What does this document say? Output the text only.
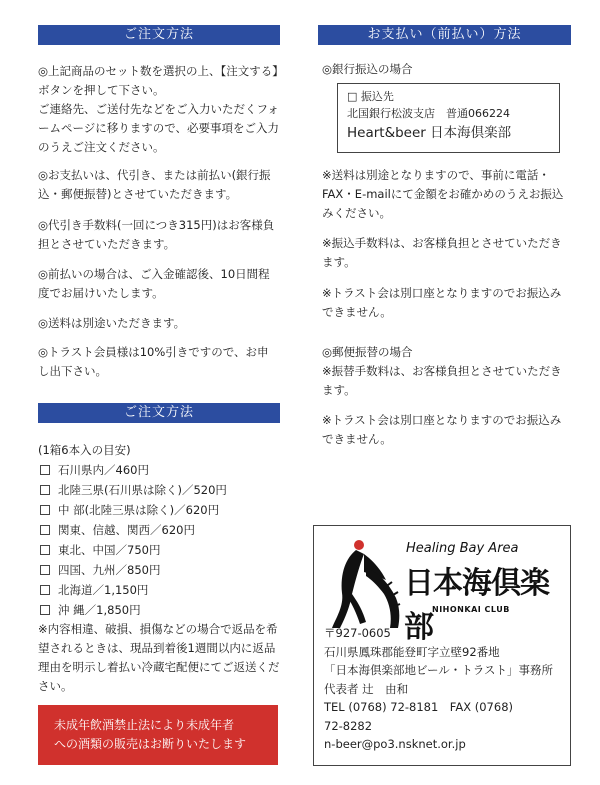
ご注文方法
◎上記商品のセット数を選択の上、【注文する】ボタンを押して下さい。
ご連絡先、ご送付先などをご入力いただくフォームページに移りますので、必要事項をご入力のうえご注文ください。
◎お支払いは、代引き、または前払い(銀行振込・郵便振替)とさせていただきます。
◎代引き手数料(一回につき315円)はお客様負担とさせていただきます。
◎前払いの場合は、ご入金確認後、10日間程度でお届けいたします。
◎送料は別途いただきます。
◎トラスト会員様は10%引きですので、お申し出下さい。
ご注文方法
(1箱6本入の目安)
石川県内／460円
北陸三県(石川県は除く)／520円
中 部(北陸三県は除く)／620円
関東、信越、関西／620円
東北、中国／750円
四国、九州／850円
北海道／1,150円
沖 縄／1,850円
※内容相違、破損、損傷などの場合で返品を希望されるときは、現品到着後1週間以内に返品理由を明示し着払い冷蔵宅配便にてご返送ください。
未成年飲酒禁止法により未成年者
への酒類の販売はお断りいたします
お支払い（前払い）方法
◎銀行振込の場合
□ 振込先
北国銀行松波支店　普通066224
Heart&beer 日本海倶楽部
※送料は別途となりますので、事前に電話・FAX・E-mailにて金額をお確かめのうえお振込みください。
※振込手数料は、お客様負担とさせていただきます。
※トラスト会は別口座となりますのでお振込みできません。
◎郵便振替の場合
※振替手数料は、お客様負担とさせていただきます。
※トラスト会は別口座となりますのでお振込みできません。
Healing Bay Area
日本海倶楽部
NIHONKAI CLUB
〒927-0605
石川県鳳珠郡能登町字立壁92番地
「日本海倶楽部地ビール・トラスト」事務所
代表者 辻　由和
TEL (0768) 72-8181　FAX (0768)
72-8282
n-beer@po3.nsknet.or.jp
